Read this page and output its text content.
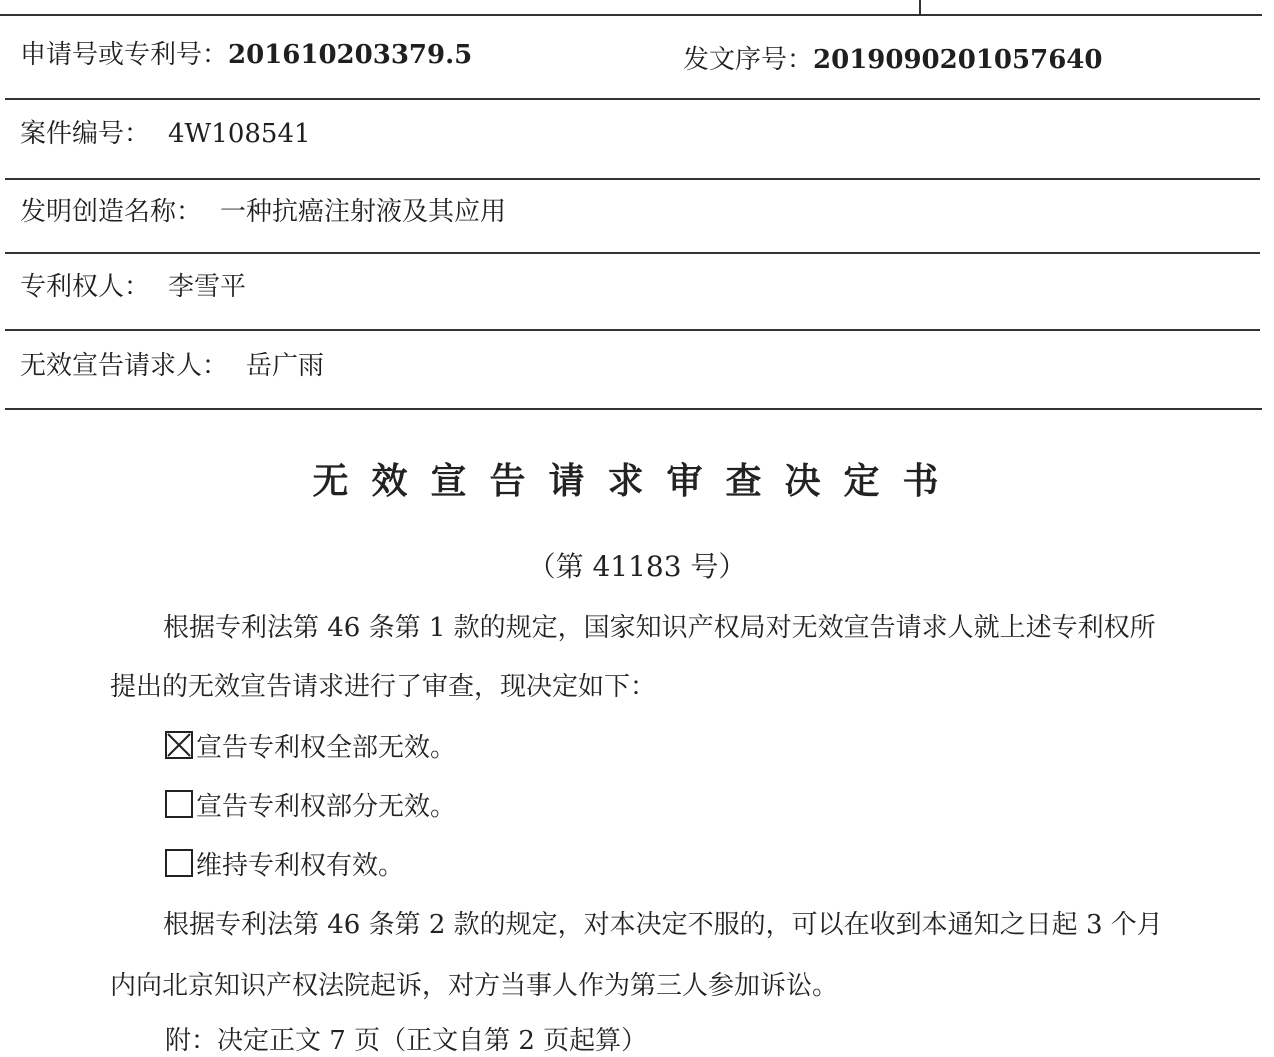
申请号或专利号：201610203379.5	发文序号：2019090201057640
案件编号： 4W108541
发明创造名称： 一种抗癌注射液及其应用
专利权人： 李雪平
无效宣告请求人： 岳广雨
无效宣告请求审查决定书
（第 41183 号）
根据专利法第 46 条第 1 款的规定，国家知识产权局对无效宣告请求人就上述专利权所
提出的无效宣告请求进行了审查，现决定如下：
宣告专利权全部无效。
宣告专利权部分无效。
维持专利权有效。
根据专利法第 46 条第 2 款的规定，对本决定不服的，可以在收到本通知之日起 3 个月
内向北京知识产权法院起诉，对方当事人作为第三人参加诉讼。
附：决定正文 7 页（正文自第 2 页起算）
